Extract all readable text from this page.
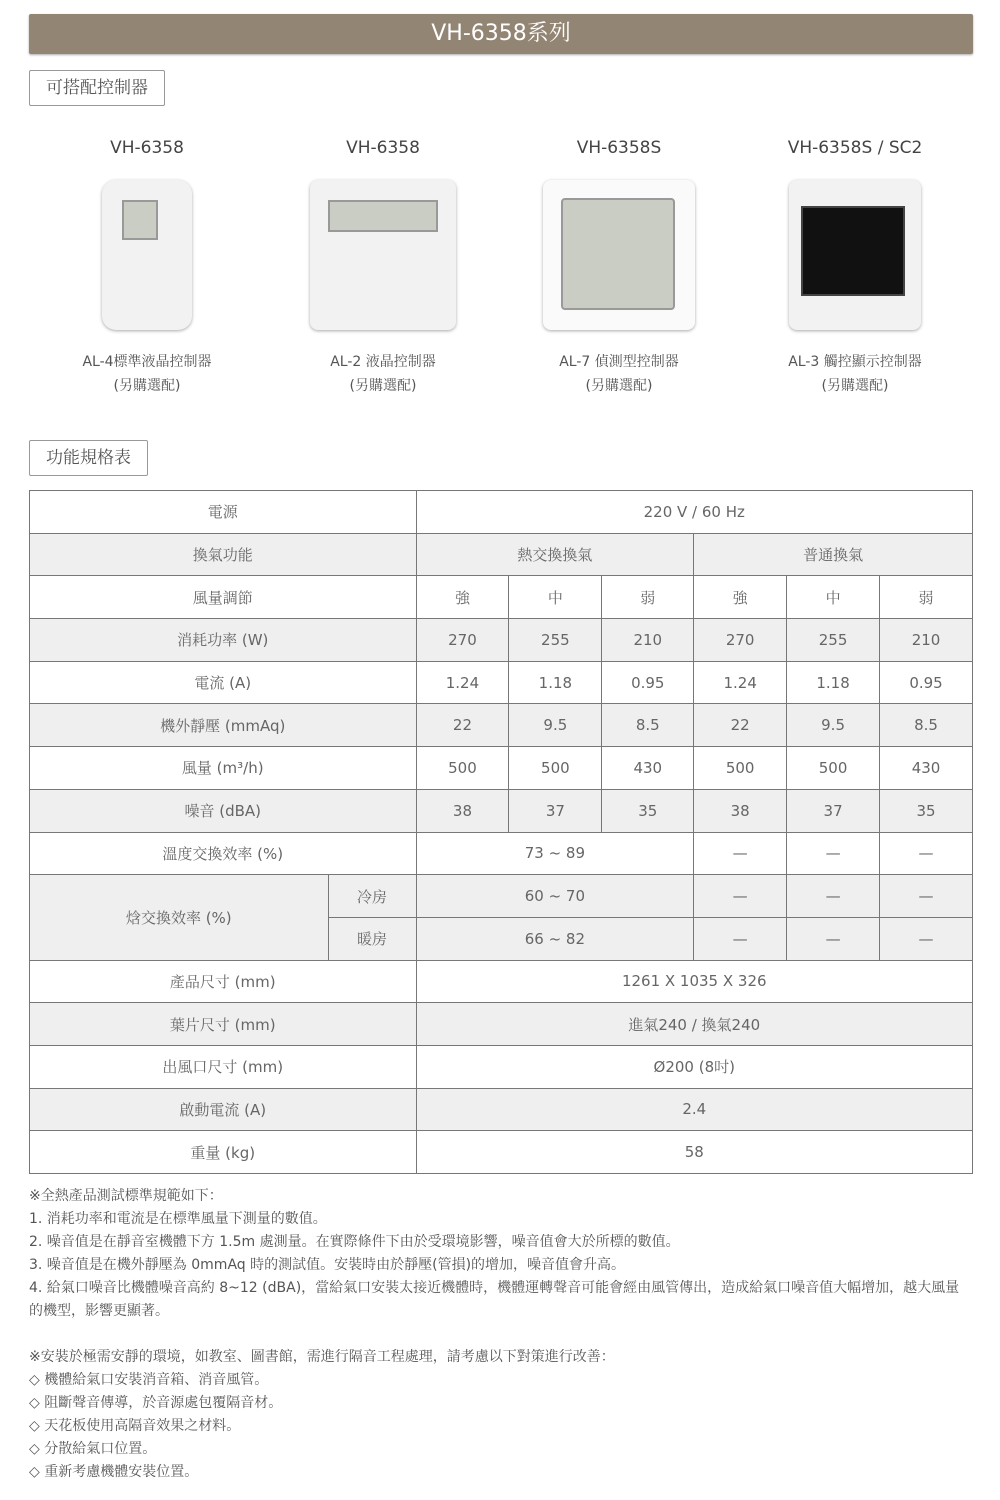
VH-6358系列
可搭配控制器
VH-6358
AL-4標準液晶控制器
(另購選配)
VH-6358
AL-2 液晶控制器
(另購選配)
VH-6358S
AL-7 偵測型控制器
(另購選配)
VH-6358S / SC2
AL-3 觸控顯示控制器
(另購選配)
功能規格表
電源		220 V / 60 Hz					
換氣功能		熱交換換氣			普通換氣		
風量調節		強	中	弱	強	中	弱
消耗功率 (W)		270	255	210	270	255	210
電流 (A)		1.24	1.18	0.95	1.24	1.18	0.95
機外靜壓 (mmAq)		22	9.5	8.5	22	9.5	8.5
風量 (m³/h)		500	500	430	500	500	430
噪音 (dBA)		38	37	35	38	37	35
溫度交換效率 (%)		73 ~ 89			—	—	—
焓交換效率 (%)	冷房	60 ~ 70			—	—	—
	暖房	66 ~ 82			—	—	—
產品尺寸 (mm)		1261 X 1035 X 326					
葉片尺寸 (mm)		進氣240 / 換氣240					
出風口尺寸 (mm)		Ø200 (8吋)					
啟動電流 (A)		2.4					
重量 (kg)		58					
※全熱產品測試標準規範如下：
1. 消耗功率和電流是在標準風量下測量的數值。
2. 噪音值是在靜音室機體下方 1.5m 處測量。在實際條件下由於受環境影響，噪音值會大於所標的數值。
3. 噪音值是在機外靜壓為 0mmAq 時的測試值。安裝時由於靜壓(管損)的增加，噪音值會升高。
4. 給氣口噪音比機體噪音高約 8~12 (dBA)，當給氣口安裝太接近機體時，機體運轉聲音可能會經由風管傳出，造成給氣口噪音值大幅增加，越大風量的機型，影響更顯著。
※安裝於極需安靜的環境，如教室、圖書館，需進行隔音工程處理，請考慮以下對策進行改善：
◇ 機體給氣口安裝消音箱、消音風管。
◇ 阻斷聲音傳導，於音源處包覆隔音材。
◇ 天花板使用高隔音效果之材料。
◇ 分散給氣口位置。
◇ 重新考慮機體安裝位置。
